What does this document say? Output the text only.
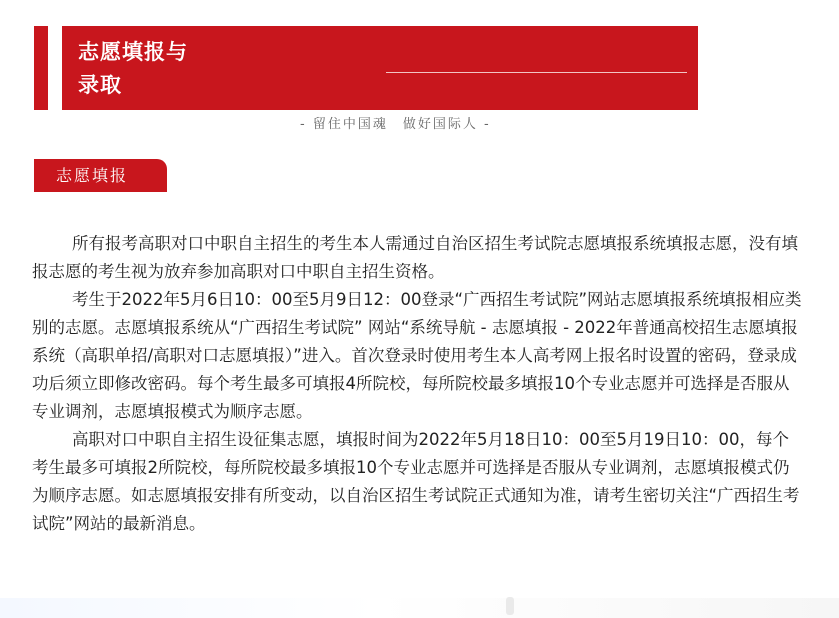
志愿填报与
录取
- 留住中国魂　做好国际人 -
志愿填报

所有报考高职对口中职自主招生的考生本人需通过自治区招生考试院志愿填报系统填报志愿，没有填报志愿的考生视为放弃参加高职对口中职自主招生资格。

考生于2022年5月6日10：00至5月9日12：00登录“广西招生考试院”网站志愿填报系统填报相应类别的志愿。志愿填报系统从“广西招生考试院” 网站“系统导航 - 志愿填报 - 2022年普通高校招生志愿填报系统（高职单招/高职对口志愿填报）”进入。首次登录时使用考生本人高考网上报名时设置的密码，登录成功后须立即修改密码。每个考生最多可填报4所院校，每所院校最多填报10个专业志愿并可选择是否服从专业调剂，志愿填报模式为顺序志愿。

高职对口中职自主招生设征集志愿，填报时间为2022年5月18日10：00至5月19日10：00，每个考生最多可填报2所院校，每所院校最多填报10个专业志愿并可选择是否服从专业调剂，志愿填报模式仍为顺序志愿。如志愿填报安排有所变动，以自治区招生考试院正式通知为准，请考生密切关注“广西招生考试院”网站的最新消息。
